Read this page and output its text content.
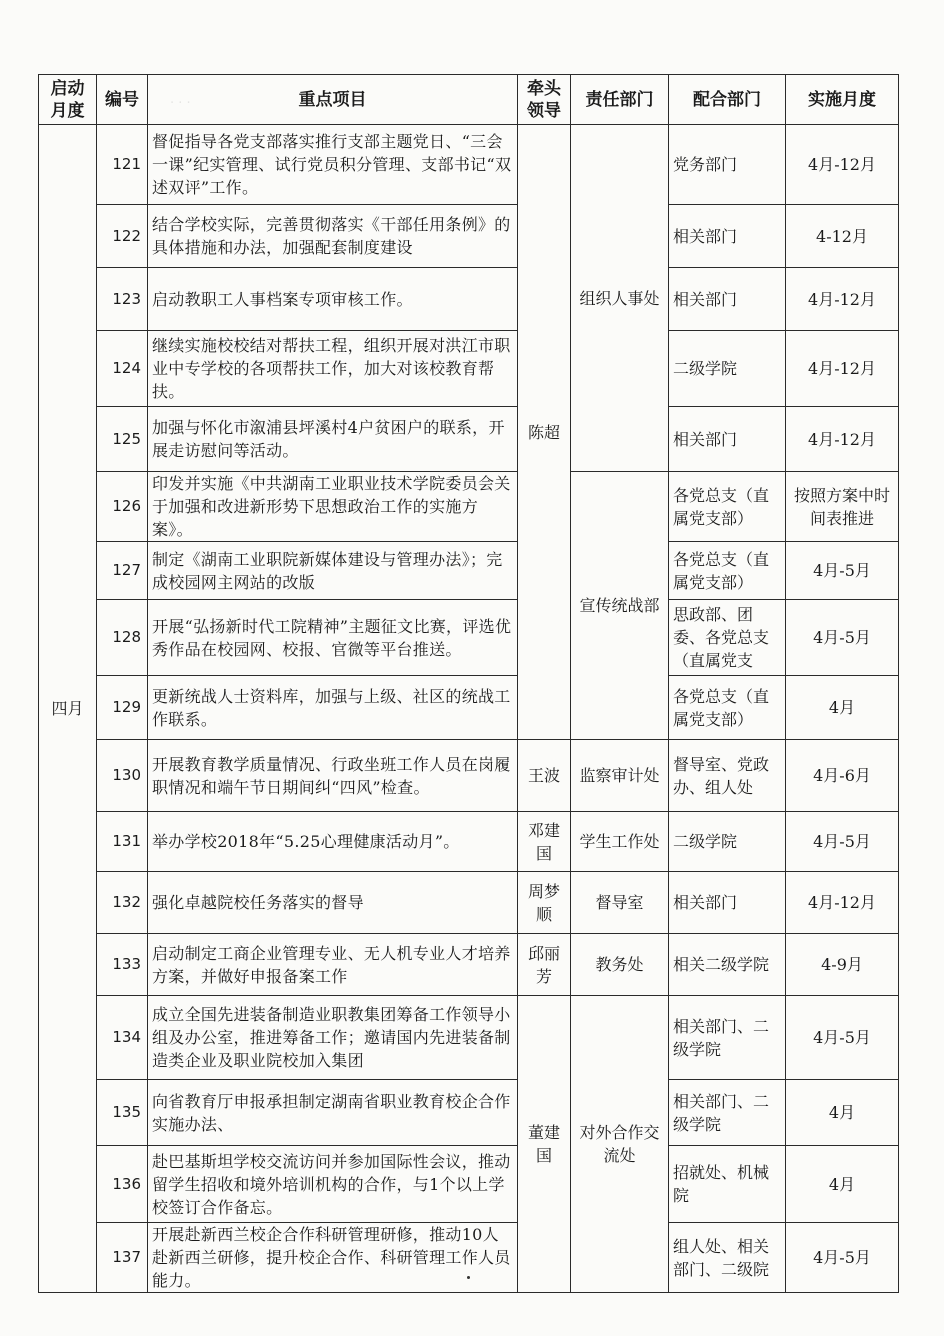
· · ·
启动月度	编号	重点项目	牵头领导	责任部门	配合部门	实施月度
四月	121	督促指导各党支部落实推行支部主题党日、“三会一课”纪实管理、试行党员积分管理、支部书记“双述双评”工作。	陈超	组织人事处	党务部门	4月-12月
	122	结合学校实际，完善贯彻落实《干部任用条例》的具体措施和办法，加强配套制度建设			相关部门	4-12月
	123	启动教职工人事档案专项审核工作。			相关部门	4月-12月
	124	继续实施校校结对帮扶工程，组织开展对洪江市职业中专学校的各项帮扶工作，加大对该校教育帮扶。			二级学院	4月-12月
	125	加强与怀化市溆浦县坪溪村4户贫困户的联系，开展走访慰问等活动。			相关部门	4月-12月
	126	印发并实施《中共湖南工业职业技术学院委员会关于加强和改进新形势下思想政治工作的实施方案》。		宣传统战部	各党总支（直属党支部）	按照方案中时间表推进
	127	制定《湖南工业职院新媒体建设与管理办法》；完成校园网主网站的改版			各党总支（直属党支部）	4月-5月
	128	开展“弘扬新时代工院精神”主题征文比赛，评选优秀作品在校园网、校报、官微等平台推送。			思政部、团委、各党总支（直属党支	4月-5月
	129	更新统战人士资料库，加强与上级、社区的统战工作联系。			各党总支（直属党支部）	4月
	130	开展教育教学质量情况、行政坐班工作人员在岗履职情况和端午节日期间纠“四风”检查。	王波	监察审计处	督导室、党政办、组人处	4月-6月
	131	举办学校2018年“5.25心理健康活动月”。	邓建国	学生工作处	二级学院	4月-5月
	132	强化卓越院校任务落实的督导	周梦顺	督导室	相关部门	4月-12月
	133	启动制定工商企业管理专业、无人机专业人才培养方案，并做好申报备案工作	邱丽芳	教务处	相关二级学院	4-9月
	134	成立全国先进装备制造业职教集团筹备工作领导小组及办公室，推进筹备工作；邀请国内先进装备制造类企业及职业院校加入集团	董建国	对外合作交流处	相关部门、二级学院	4月-5月
	135	向省教育厅申报承担制定湖南省职业教育校企合作实施办法、			相关部门、二级学院	4月
	136	赴巴基斯坦学校交流访问并参加国际性会议，推动留学生招收和境外培训机构的合作，与1个以上学校签订合作备忘。			招就处、机械院	4月
	137	开展赴新西兰校企合作科研管理研修，推动10人赴新西兰研修，提升校企合作、科研管理工作人员能力。			组人处、相关部门、二级院	4月-5月
